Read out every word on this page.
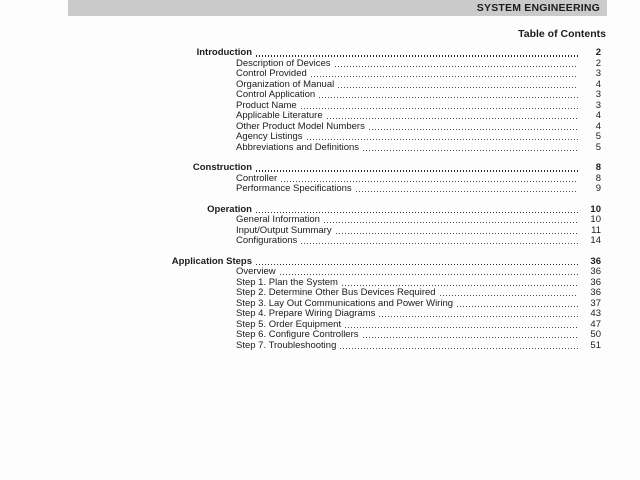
SYSTEM ENGINEERING
Table of Contents
Introduction	2
Description of Devices	2
Control Provided	3
Organization of Manual	4
Control Application	3
Product Name	3
Applicable Literature	4
Other Product Model Numbers	4
Agency Listings	5
Abbreviations and Definitions	5
Construction	8
Controller	8
Performance Specifications	9
Operation	10
General Information	10
Input/Output Summary	11
Configurations	14
Application Steps	36
Overview	36
Step 1. Plan the System	36
Step 2. Determine Other Bus Devices Required	36
Step 3. Lay Out Communications and Power Wiring	37
Step 4. Prepare Wiring Diagrams	43
Step 5. Order Equipment	47
Step 6. Configure Controllers	50
Step 7. Troubleshooting	51
